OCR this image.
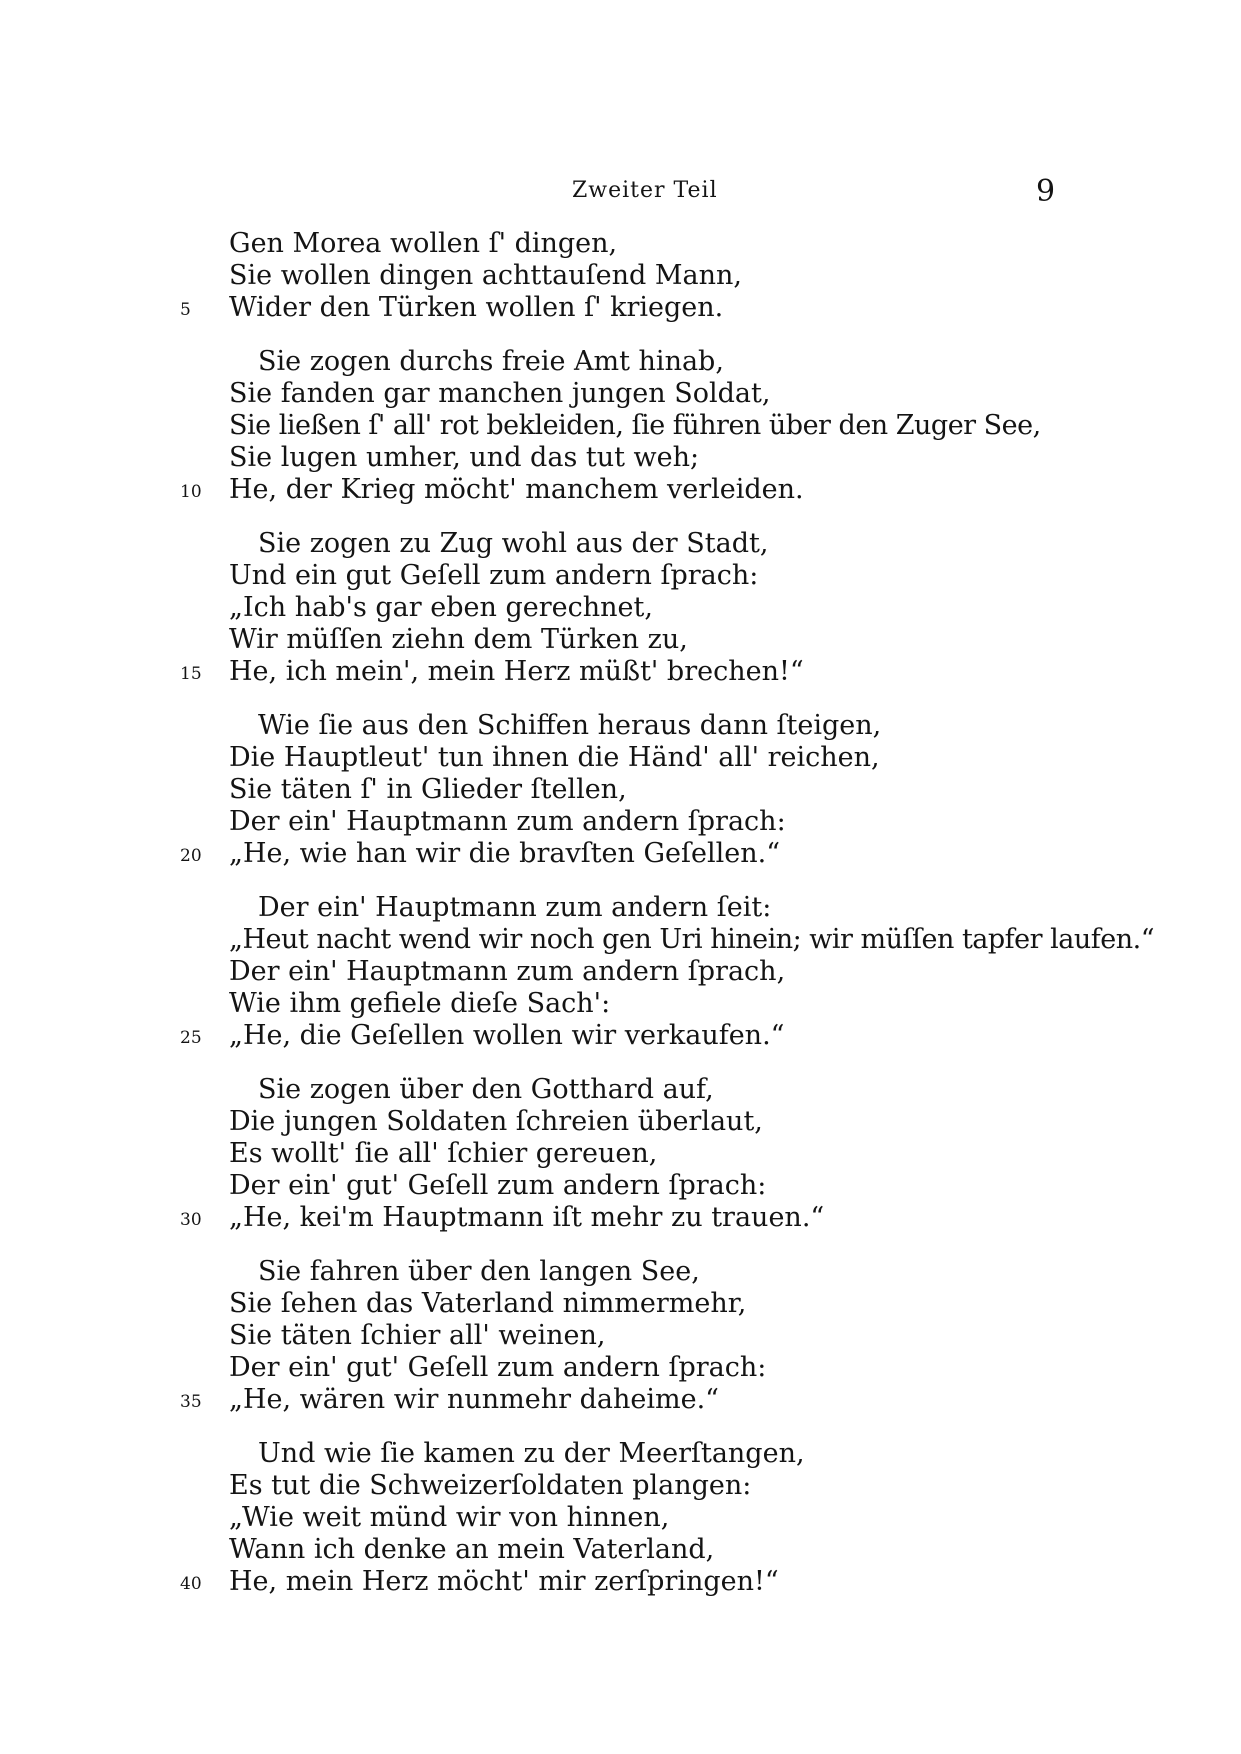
Zweiter Teil	9
Gen Morea wollen ſ' dingen,
Sie wollen dingen achttauſend Mann,
5 Wider den Türken wollen ſ' kriegen.
Sie zogen durchs freie Amt hinab,
Sie fanden gar manchen jungen Soldat,
Sie ließen ſ' all' rot bekleiden, ſie führen über den Zuger See,
Sie lugen umher, und das tut weh;
10 He, der Krieg möcht' manchem verleiden.
Sie zogen zu Zug wohl aus der Stadt,
Und ein gut Geſell zum andern ſprach:
„Ich hab's gar eben gerechnet,
Wir müſſen ziehn dem Türken zu,
15 He, ich mein', mein Herz müßt' brechen!“
Wie ſie aus den Schiffen heraus dann ſteigen,
Die Hauptleut' tun ihnen die Händ' all' reichen,
Sie täten ſ' in Glieder ſtellen,
Der ein' Hauptmann zum andern ſprach:
20 „He, wie han wir die bravſten Geſellen.“
Der ein' Hauptmann zum andern ſeit:
„Heut nacht wend wir noch gen Uri hinein; wir müſſen tapfer laufen.“
Der ein' Hauptmann zum andern ſprach,
Wie ihm gefiele dieſe Sach':
25 „He, die Geſellen wollen wir verkaufen.“
Sie zogen über den Gotthard auf,
Die jungen Soldaten ſchreien überlaut,
Es wollt' ſie all' ſchier gereuen,
Der ein' gut' Geſell zum andern ſprach:
30 „He, kei'm Hauptmann iſt mehr zu trauen.“
Sie fahren über den langen See,
Sie ſehen das Vaterland nimmermehr,
Sie täten ſchier all' weinen,
Der ein' gut' Geſell zum andern ſprach:
35 „He, wären wir nunmehr daheime.“
Und wie ſie kamen zu der Meerſtangen,
Es tut die Schweizerſoldaten plangen:
„Wie weit münd wir von hinnen,
Wann ich denke an mein Vaterland,
40 He, mein Herz möcht' mir zerſpringen!“
